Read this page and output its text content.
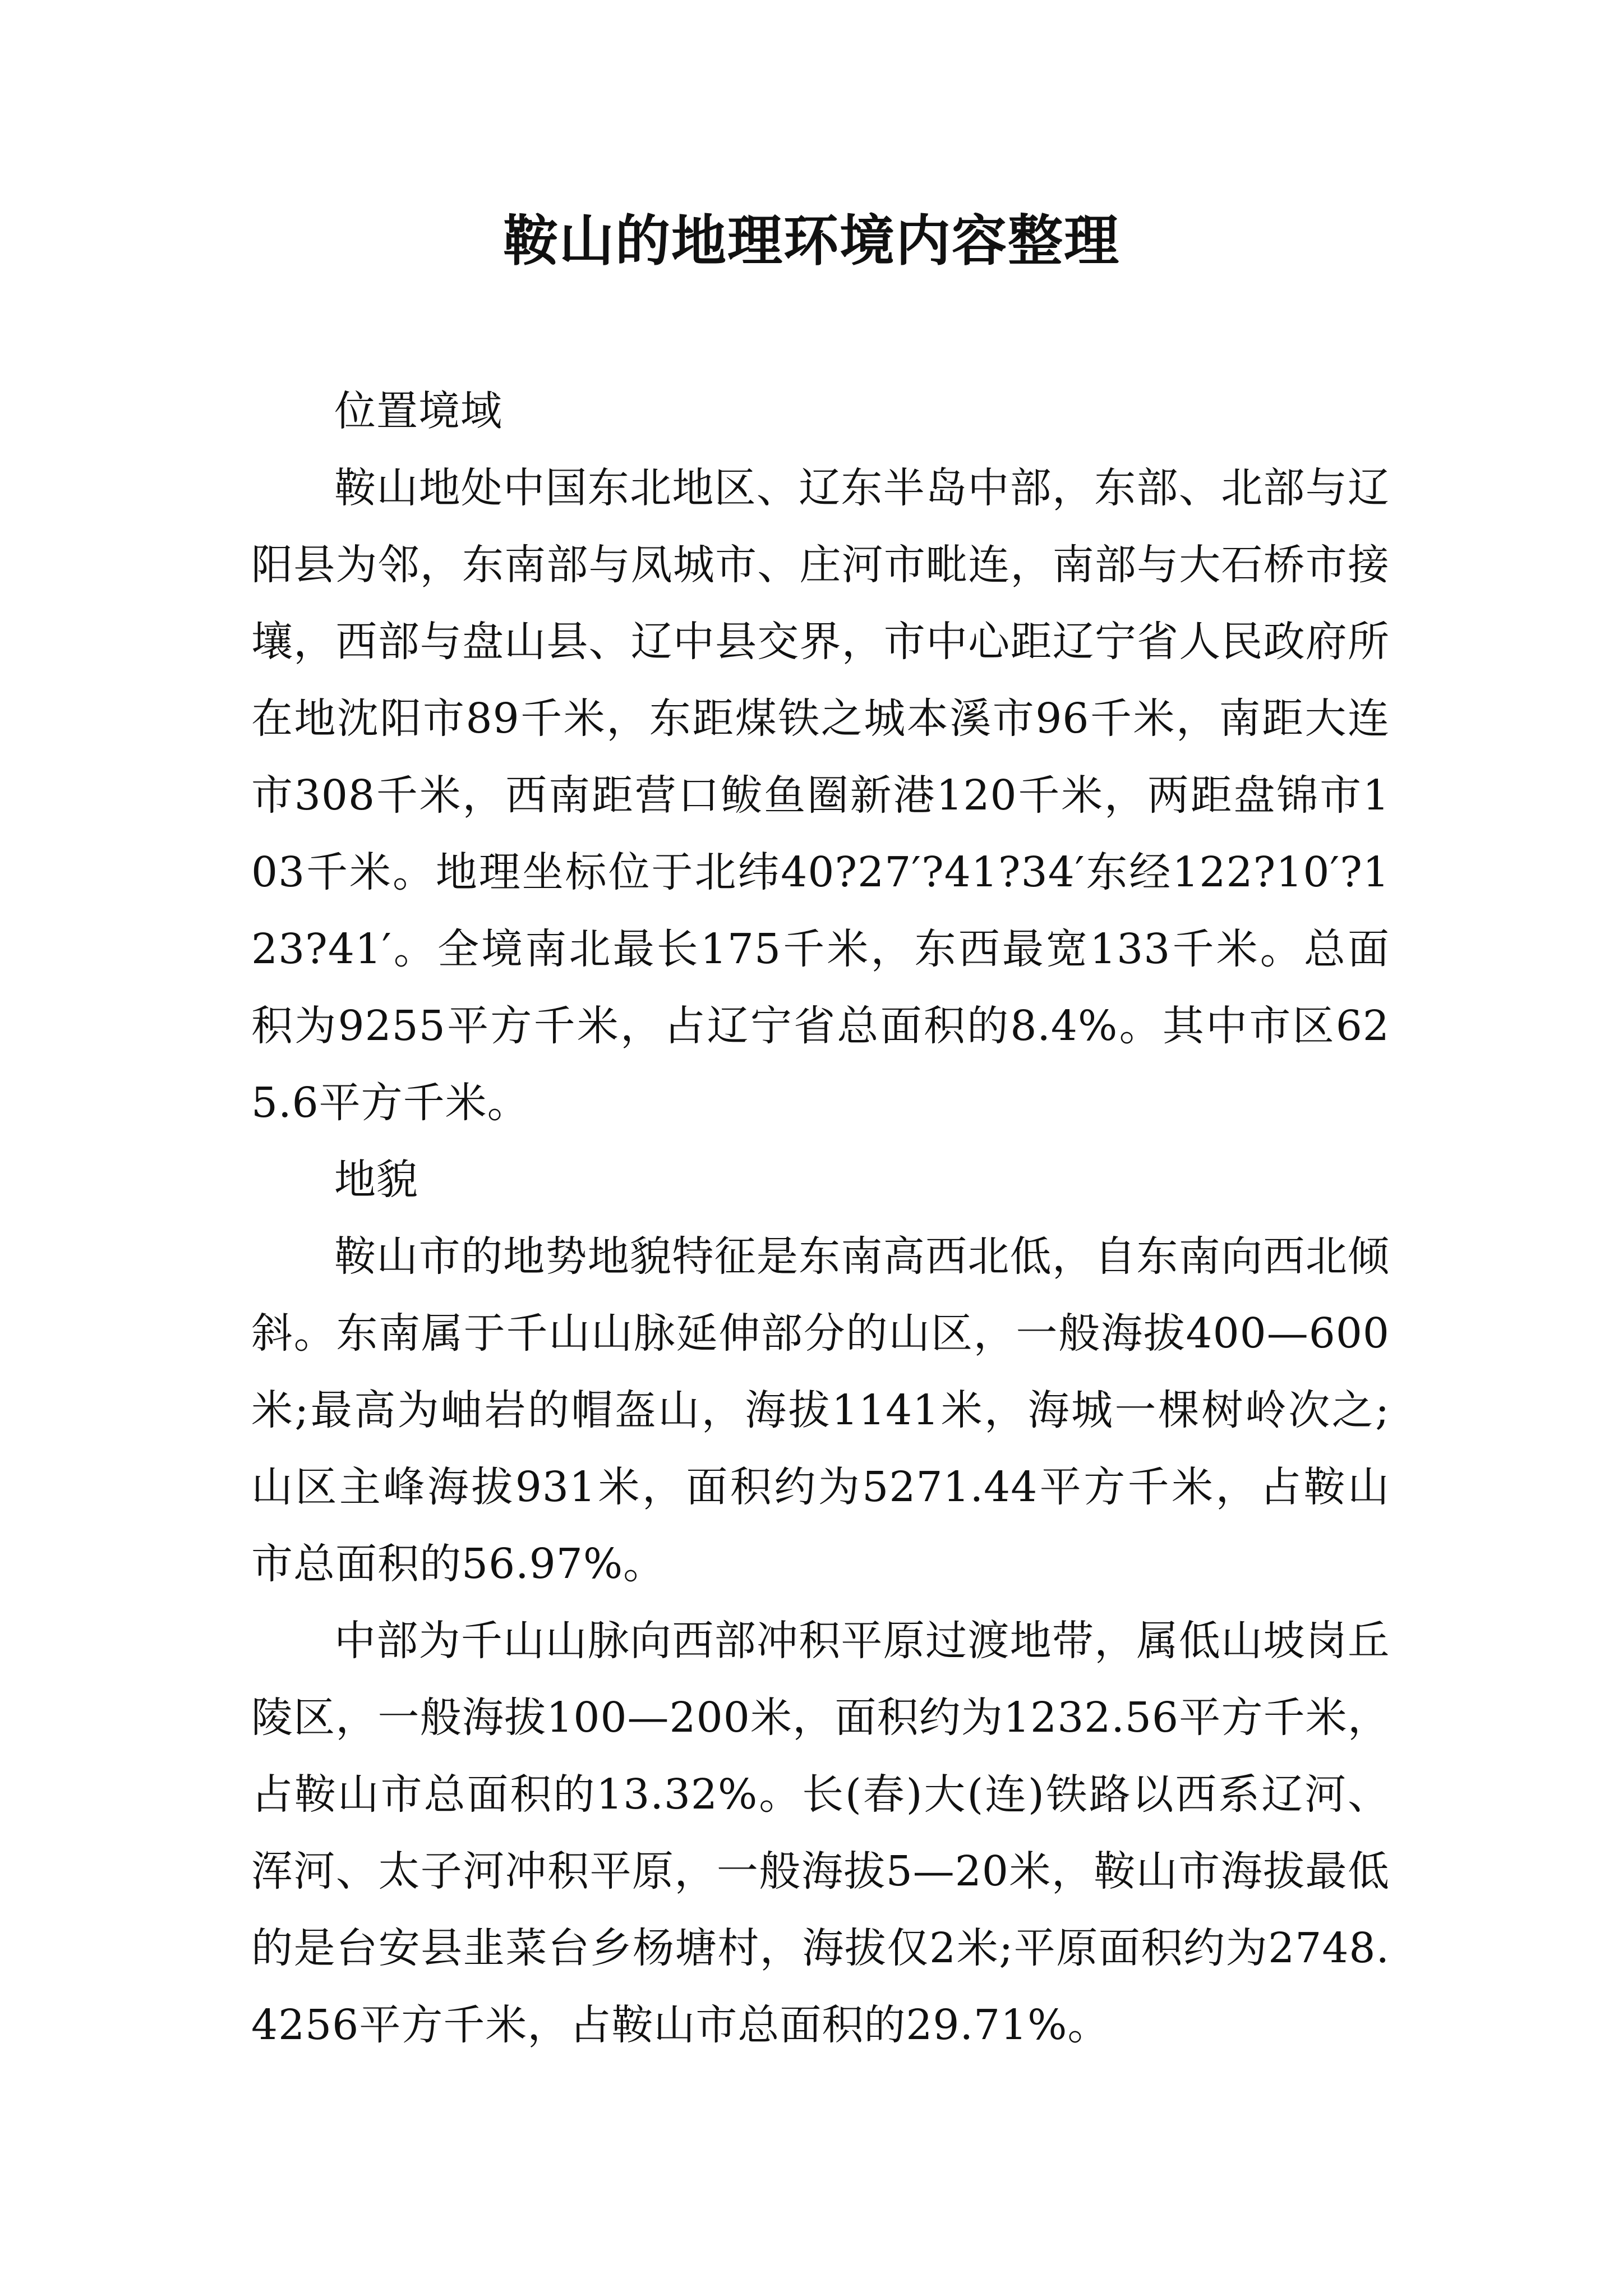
鞍山的地理环境内容整理

位置境域

鞍山地处中国东北地区、辽东半岛中部，东部、北部与辽阳县为邻，东南部与凤城市、庄河市毗连，南部与大石桥市接壤，西部与盘山县、辽中县交界，市中心距辽宁省人民政府所在地沈阳市89千米，东距煤铁之城本溪市96千米，南距大连市308千米，西南距营口鲅鱼圈新港120千米，两距盘锦市103千米。地理坐标位于北纬40?27′?41?34′东经122?10′?123?41′。全境南北最长175千米，东西最宽133千米。总面积为9255平方千米，占辽宁省总面积的8.4%。其中市区625.6平方千米。

地貌

鞍山市的地势地貌特征是东南高西北低，自东南向西北倾斜。东南属于千山山脉延伸部分的山区，一般海拔400—600米;最高为岫岩的帽盔山，海拔1141米，海城一棵树岭次之;山区主峰海拔931米，面积约为5271.44平方千米，占鞍山市总面积的56.97%。

中部为千山山脉向西部冲积平原过渡地带，属低山坡岗丘陵区，一般海拔100—200米，面积约为1232.56平方千米，占鞍山市总面积的13.32%。长(春)大(连)铁路以西系辽河、浑河、太子河冲积平原，一般海拔5—20米，鞍山市海拔最低的是台安县韭菜台乡杨塘村，海拔仅2米;平原面积约为2748.4256平方千米，占鞍山市总面积的29.71%。
